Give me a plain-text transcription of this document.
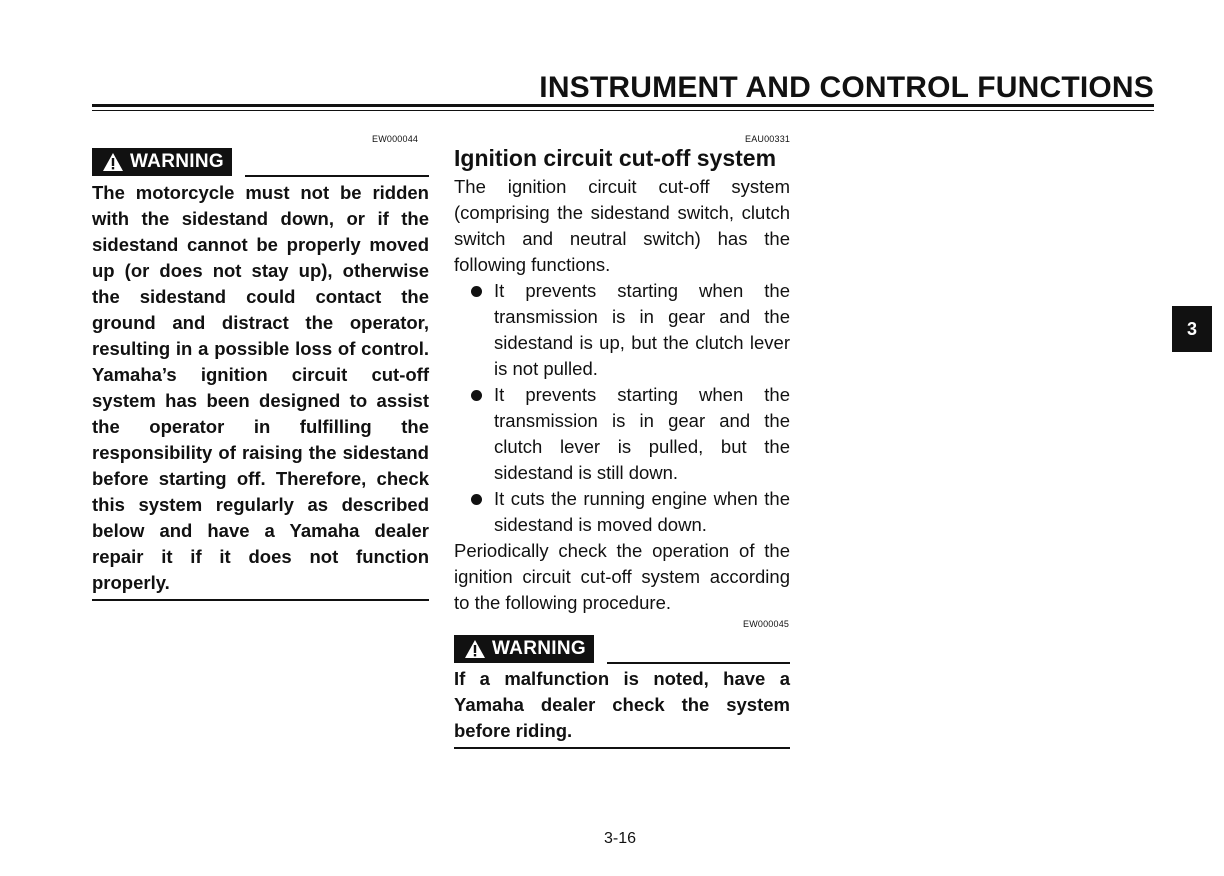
INSTRUMENT AND CONTROL FUNCTIONS
EW000044
WARNING

The motorcycle must not be ridden with the sidestand down, or if the sidestand cannot be properly moved up (or does not stay up), otherwise the sidestand could contact the ground and distract the operator, resulting in a possible loss of control. Yamaha’s ignition circuit cut-off system has been designed to assist the operator in fulfilling the responsibility of raising the sidestand before starting off. Therefore, check this system regularly as described below and have a Yamaha dealer repair it if it does not function properly.

EAU00331
Ignition circuit cut-off system

The ignition circuit cut-off system (comprising the sidestand switch, clutch switch and neutral switch) has the following functions.

It prevents starting when the transmission is in gear and the sidestand is up, but the clutch lever is not pulled.
It prevents starting when the transmission is in gear and the clutch lever is pulled, but the sidestand is still down.
It cuts the running engine when the sidestand is moved down.

Periodically check the operation of the ignition circuit cut-off system according to the following procedure.

EW000045
WARNING

If a malfunction is noted, have a Yamaha dealer check the system before riding.

3-16
3
